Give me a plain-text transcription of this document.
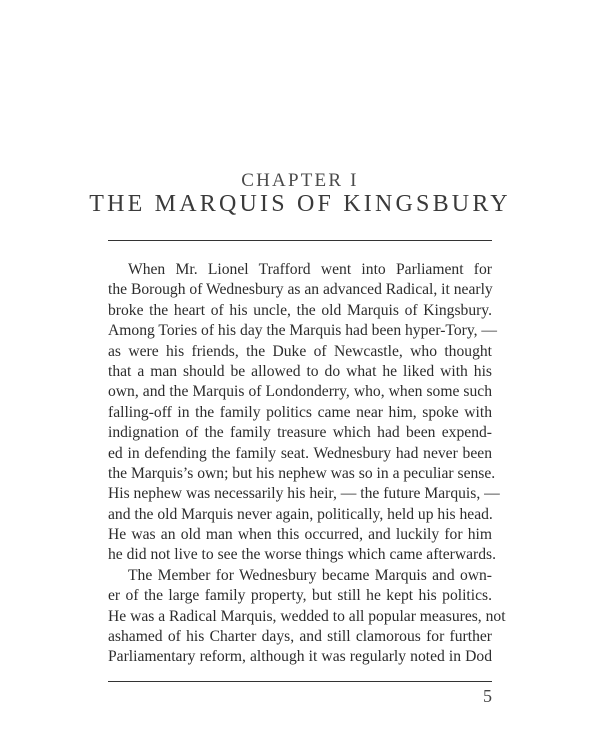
CHAPTER I
THE MARQUIS OF KINGSBURY
When Mr. Lionel Trafford went into Parliament for
the Borough of Wednesbury as an advanced Radical, it nearly
broke the heart of his uncle, the old Marquis of Kingsbury.
Among Tories of his day the Marquis had been hyper-Tory, —
as were his friends, the Duke of Newcastle, who thought
that a man should be allowed to do what he liked with his
own, and the Marquis of Londonderry, who, when some such
falling-off in the family politics came near him, spoke with
indignation of the family treasure which had been expend-
ed in defending the family seat. Wednesbury had never been
the Marquis’s own; but his nephew was so in a peculiar sense.
His nephew was necessarily his heir, — the future Marquis, —
and the old Marquis never again, politically, held up his head.
He was an old man when this occurred, and luckily for him
he did not live to see the worse things which came afterwards.
The Member for Wednesbury became Marquis and own-
er of the large family property, but still he kept his politics.
He was a Radical Marquis, wedded to all popular measures, not
ashamed of his Charter days, and still clamorous for further
Parliamentary reform, although it was regularly noted in Dod
5
